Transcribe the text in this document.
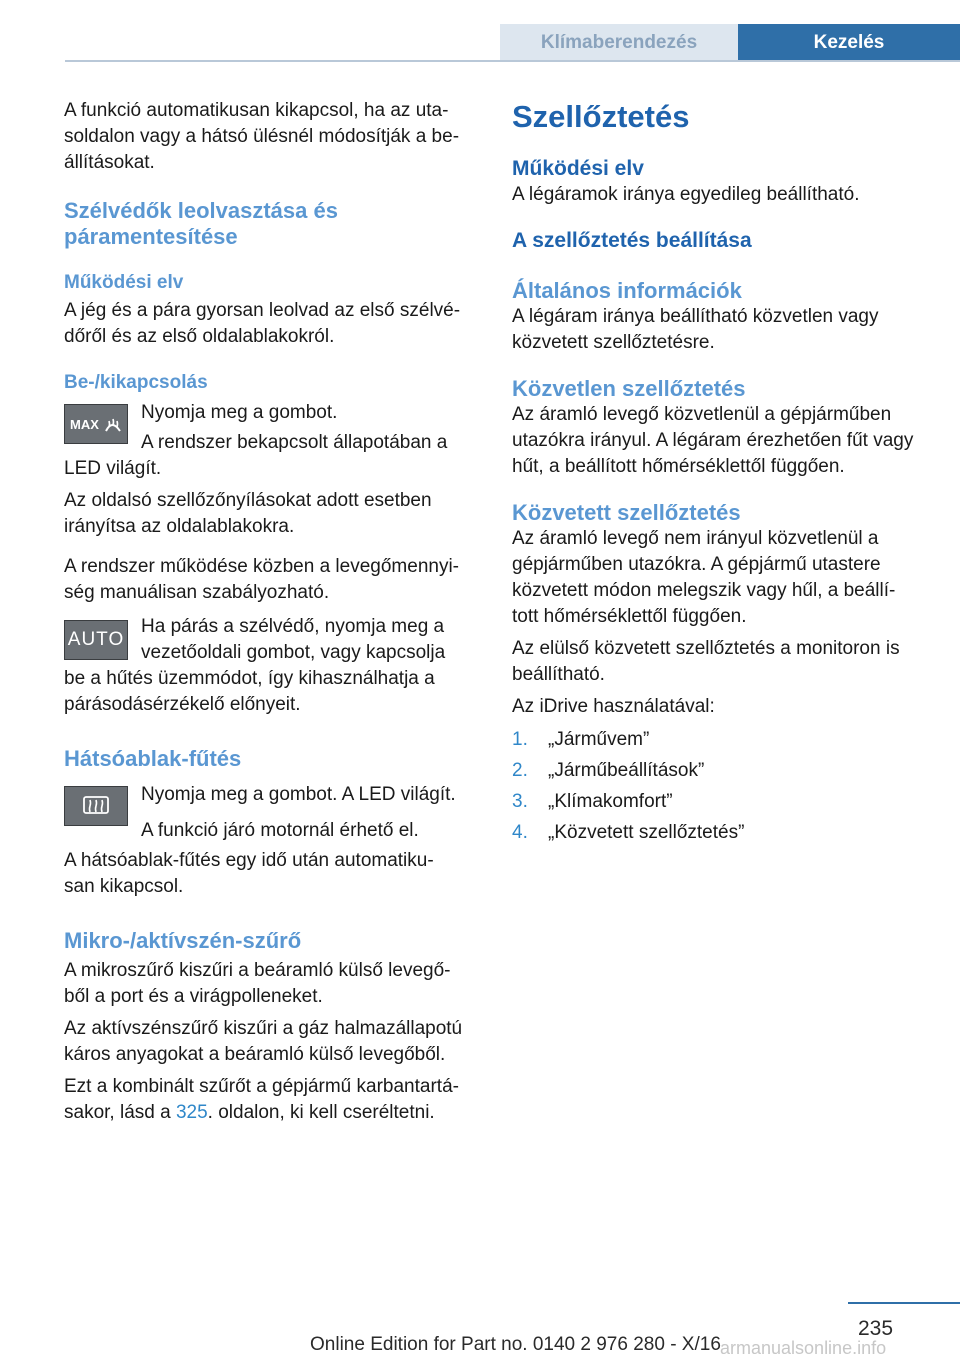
Klímaberendezés	Kezelés

A funkció automatikusan kikapcsol, ha az uta-
soldalon vagy a hátsó ülésnél módosítják a be-
állításokat.

Szélvédők leolvasztása és páramentesítése
Működési elv

A jég és a pára gyorsan leolvad az első szélvé-
dőről és az első oldalablakokról.

Be-/kikapcsolás
MAX

Nyomja meg a gombot.

A rendszer bekapcsolt állapotában a

LED világít.

Az oldalsó szellőzőnyílásokat adott esetben irányítsa az oldalablakokra.

A rendszer működése közben a levegőmennyi-
ség manuálisan szabályozható.

AUTO

Ha párás a szélvédő, nyomja meg a

vezetőoldali gombot, vagy kapcsolja

be a hűtés üzemmódot, így kihasználhatja a párásodásérzékelő előnyeit.

Hátsóablak-fűtés

Nyomja meg a gombot. A LED világít.

A funkció járó motornál érhető el.

A hátsóablak-fűtés egy idő után automatiku-
san kikapcsol.

Mikro-/aktívszén-szűrő

A mikroszűrő kiszűri a beáramló külső levegő-
ből a port és a virágpolleneket.

Az aktívszénszűrő kiszűri a gáz halmazállapotú káros anyagokat a beáramló külső levegőből.

Ezt a kombinált szűrőt a gépjármű karbantartá-
sakor, lásd a 325. oldalon, ki kell cseréltetni.

Szellőztetés
Működési elv

A légáramok iránya egyedileg beállítható.

A szellőztetés beállítása
Általános információk

A légáram iránya beállítható közvetlen vagy közvetett szellőztetésre.

Közvetlen szellőztetés

Az áramló levegő közvetlenül a gépjárműben utazókra irányul. A légáram érezhetően fűt vagy hűt, a beállított hőmérséklettől függően.

Közvetett szellőztetés

Az áramló levegő nem irányul közvetlenül a gépjárműben utazókra. A gépjármű utastere közvetett módon melegszik vagy hűl, a beállí-
tott hőmérséklettől függően.

Az elülső közvetett szellőztetés a monitoron is beállítható.

Az iDrive használatával:

1.	„Járművem”
2.	„Járműbeállítások”
3.	„Klímakomfort”
4.	„Közvetett szellőztetés”
235
Online Edition for Part no. 0140 2 976 280 - X/16 armanualsonline.info
